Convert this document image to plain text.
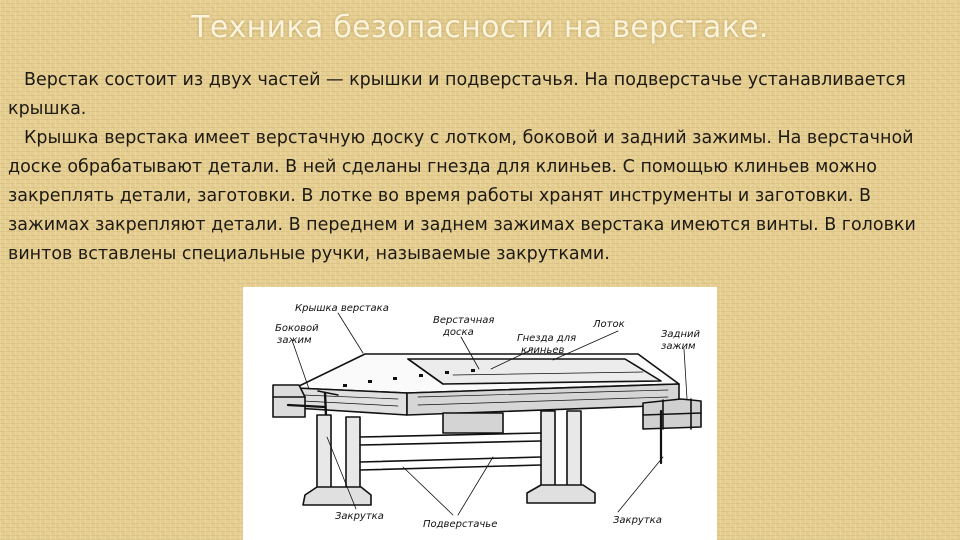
Техника безопасности на верстаке.

Верстак состоит из двух частей — крышки и подверстачья. На подверстачье устанавливается крышка.

Крышка верстака имеет верстачную доску с лотком, боковой и задний зажимы. На верстачной доске обрабатывают детали. В ней сделаны гнезда для клиньев. С помощью клиньев можно закреплять детали, заготовки. В лотке во время работы хранят инструменты и заготовки. В зажимах закрепляют детали. В переднем и заднем зажимах верстака имеются винты. В головки винтов вставлены специальные ручки, называемые закрутками.

Крышка верстака
Боковой
зажим
Верстачная
доска
Гнезда для
клиньев
Лоток
Задний
зажим
Закрутка
Подверстачье	Закрутка
